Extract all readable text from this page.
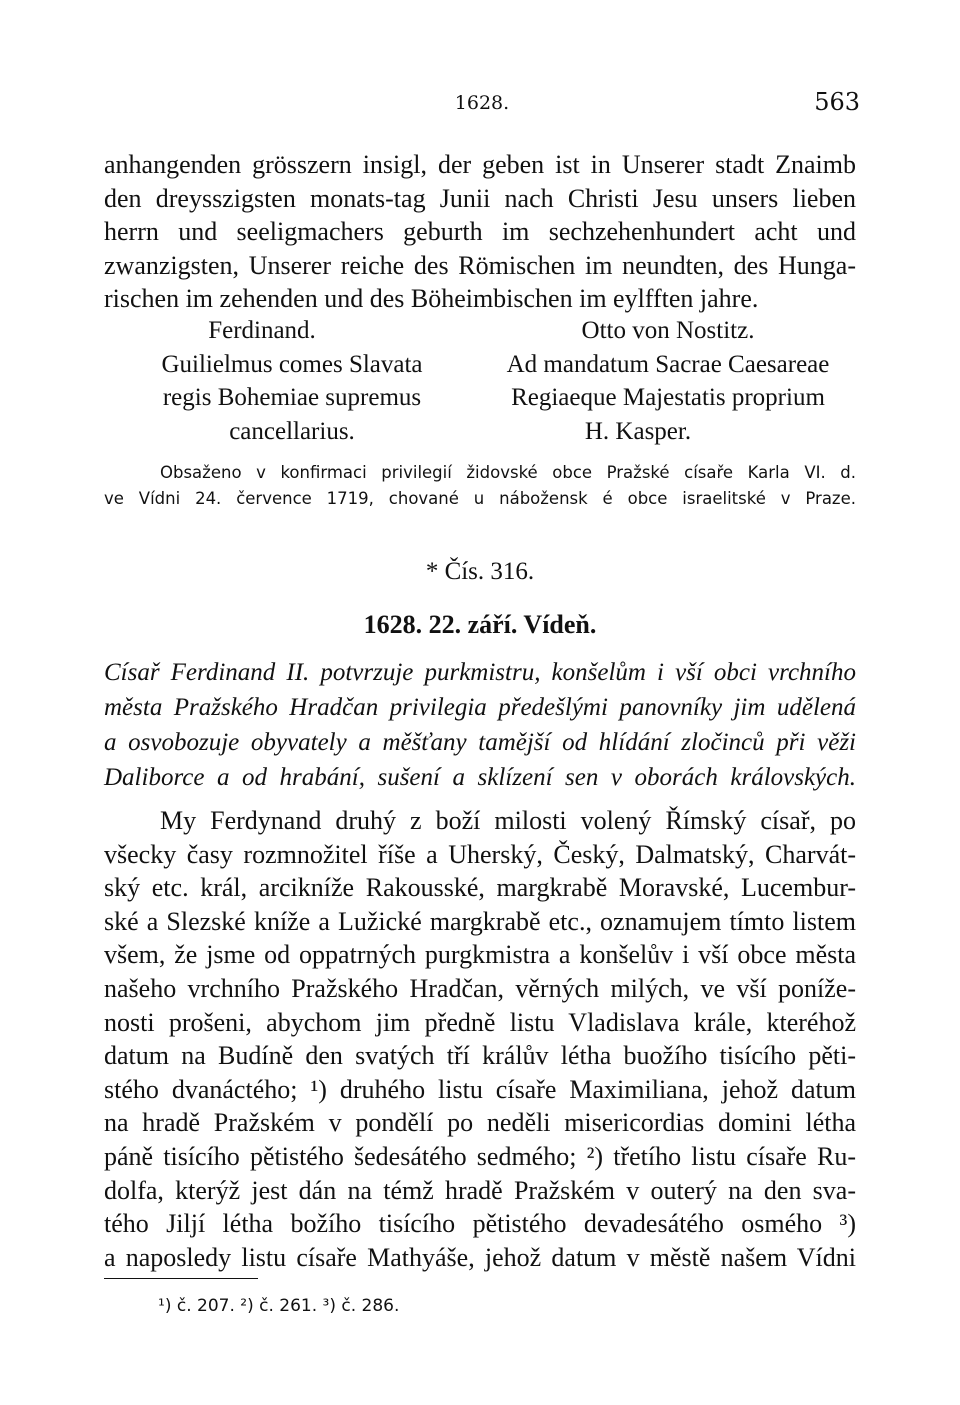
1628.	563

anhangenden grösszern insigl, der geben ist in Unserer stadt Znaimb
den dreysszigsten monats-tag Junii nach Christi Jesu unsers lieben
herrn und seeligmachers geburth im sechzehenhundert acht und
zwanzigsten, Unserer reiche des Römischen im neundten, des Hunga-
rischen im zehenden und des Böheimbischen im eylfften jahre.

Ferdinand.
Guilielmus comes Slavata
regis Bohemiae supremus
cancellarius.
Otto von Nostitz.
Ad mandatum Sacrae Caesareae
Regiaeque Majestatis proprium
H. Kasper.
Obsaženo v konfirmaci privilegií židovské obce Pražské císaře Karla VI. d.
ve Vídni 24. července 1719, chované u nábožensk é obce israelitské v Praze.
* Čís. 316.
1628. 22. září. Vídeň.
Císař Ferdinand II. potvrzuje purkmistru, konšelům i vší obci vrchního
města Pražského Hradčan privilegia předešlými panovníky jim udělená
a osvobozuje obyvately a měšťany tamější od hlídání zločinců při věži
Daliborce a od hrabání, sušení a sklízení sen v oborách královských.

My Ferdynand druhý z boží milosti volený Římský císař, po
všecky časy rozmnožitel říše a Uherský, Český, Dalmatský, Charvát-
ský etc. král, arcikníže Rakousské, margkrabě Moravské, Lucembur-
ské a Slezské kníže a Lužické margkrabě etc., oznamujem tímto listem
všem, že jsme od oppatrných purgkmistra a konšelův i vší obce města
našeho vrchního Pražského Hradčan, věrných milých, ve vší poníže-
nosti prošeni, abychom jim předně listu Vladislava krále, kteréhož
datum na Budíně den svatých tří králův létha buožího tisícího pěti-
stého dvanáctého; ¹) druhého listu císaře Maximiliana, jehož datum
na hradě Pražském v pondělí po neděli misericordias domini létha
páně tisícího pětistého šedesátého sedmého; ²) třetího listu císaře Ru-
dolfa, kterýž jest dán na témž hradě Pražském v outerý na den sva-
tého Jiljí létha božího tisícího pětistého devadesátého osmého ³)
a naposledy listu císaře Mathyáše, jehož datum v městě našem Vídni

¹) č. 207. ²) č. 261. ³) č. 286.
